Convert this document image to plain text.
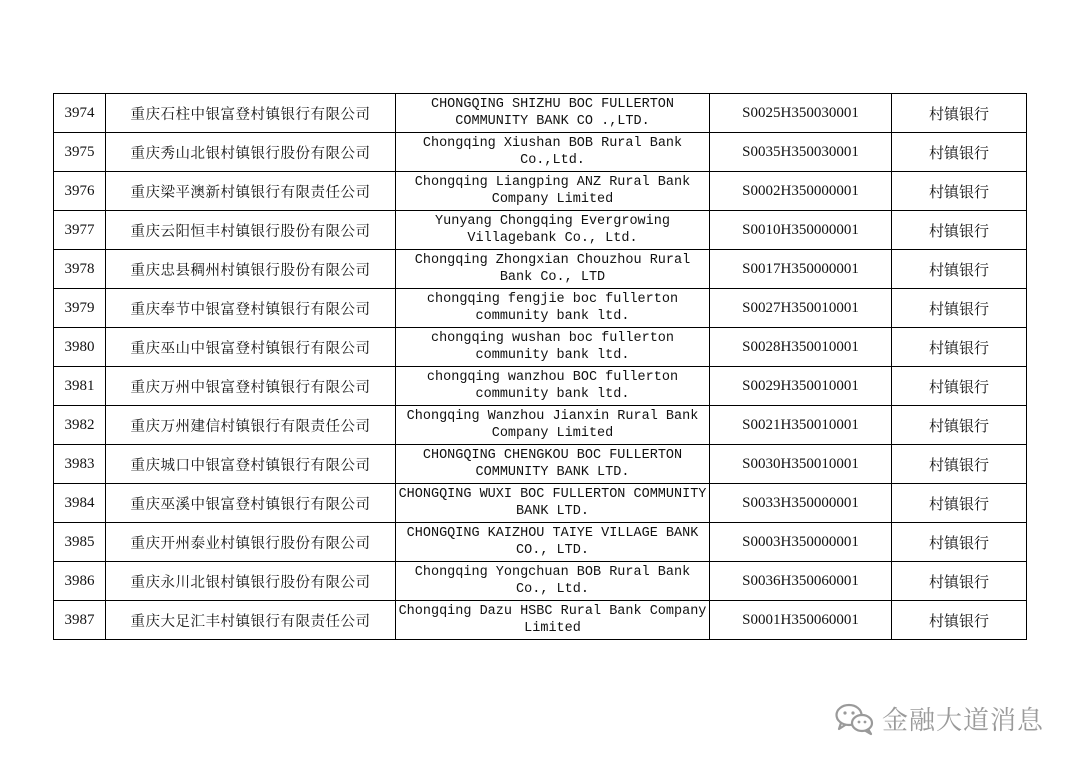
3974	重庆石柱中银富登村镇银行有限公司	CHONGQING SHIZHU BOC FULLERTON COMMUNITY BANK CO .,LTD.	S0025H350030001	村镇银行
3975	重庆秀山北银村镇银行股份有限公司	Chongqing Xiushan BOB Rural Bank Co.,Ltd.	S0035H350030001	村镇银行
3976	重庆梁平澳新村镇银行有限责任公司	Chongqing Liangping ANZ Rural Bank Company Limited	S0002H350000001	村镇银行
3977	重庆云阳恒丰村镇银行股份有限公司	Yunyang Chongqing Evergrowing Villagebank Co., Ltd.	S0010H350000001	村镇银行
3978	重庆忠县稠州村镇银行股份有限公司	Chongqing Zhongxian Chouzhou Rural Bank Co., LTD	S0017H350000001	村镇银行
3979	重庆奉节中银富登村镇银行有限公司	chongqing fengjie boc fullerton community bank ltd.	S0027H350010001	村镇银行
3980	重庆巫山中银富登村镇银行有限公司	chongqing wushan boc fullerton community bank ltd.	S0028H350010001	村镇银行
3981	重庆万州中银富登村镇银行有限公司	chongqing wanzhou BOC fullerton community bank ltd.	S0029H350010001	村镇银行
3982	重庆万州建信村镇银行有限责任公司	Chongqing Wanzhou Jianxin Rural Bank Company Limited	S0021H350010001	村镇银行
3983	重庆城口中银富登村镇银行有限公司	CHONGQING CHENGKOU BOC FULLERTON COMMUNITY BANK LTD.	S0030H350010001	村镇银行
3984	重庆巫溪中银富登村镇银行有限公司	CHONGQING WUXI BOC FULLERTON COMMUNITY BANK LTD.	S0033H350000001	村镇银行
3985	重庆开州泰业村镇银行股份有限公司	CHONGQING KAIZHOU TAIYE VILLAGE BANK CO., LTD.	S0003H350000001	村镇银行
3986	重庆永川北银村镇银行股份有限公司	Chongqing Yongchuan BOB Rural Bank Co., Ltd.	S0036H350060001	村镇银行
3987	重庆大足汇丰村镇银行有限责任公司	Chongqing Dazu HSBC Rural Bank Company Limited	S0001H350060001	村镇银行
金融大道消息
